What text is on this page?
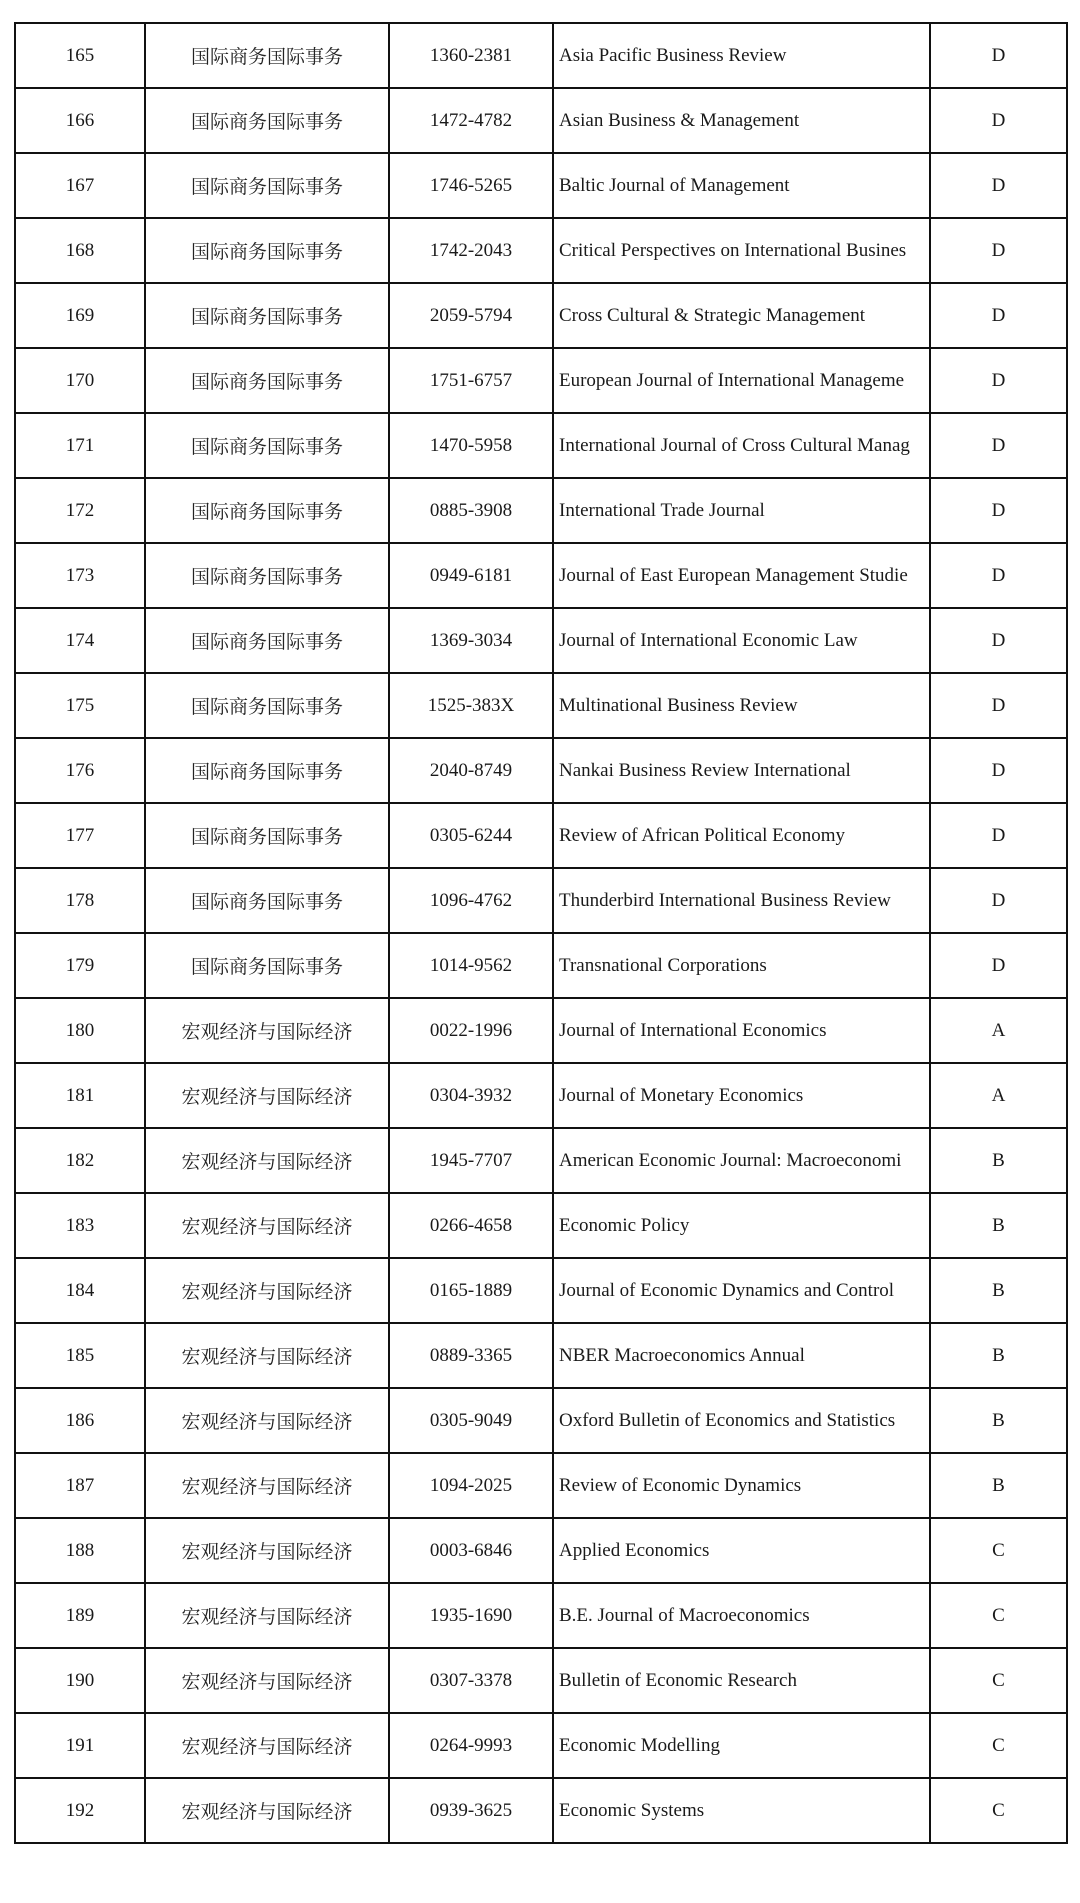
165	国际商务国际事务	1360-2381	Asia Pacific Business Review	D
166	国际商务国际事务	1472-4782	Asian Business & Management	D
167	国际商务国际事务	1746-5265	Baltic Journal of Management	D
168	国际商务国际事务	1742-2043	Critical Perspectives on International Busines	D
169	国际商务国际事务	2059-5794	Cross Cultural & Strategic Management	D
170	国际商务国际事务	1751-6757	European Journal of International Manageme	D
171	国际商务国际事务	1470-5958	International Journal of Cross Cultural Manag	D
172	国际商务国际事务	0885-3908	International Trade Journal	D
173	国际商务国际事务	0949-6181	Journal of East European Management Studie	D
174	国际商务国际事务	1369-3034	Journal of International Economic Law	D
175	国际商务国际事务	1525-383X	Multinational Business Review	D
176	国际商务国际事务	2040-8749	Nankai Business Review International	D
177	国际商务国际事务	0305-6244	Review of African Political Economy	D
178	国际商务国际事务	1096-4762	Thunderbird International Business Review	D
179	国际商务国际事务	1014-9562	Transnational Corporations	D
180	宏观经济与国际经济	0022-1996	Journal of International Economics	A
181	宏观经济与国际经济	0304-3932	Journal of Monetary Economics	A
182	宏观经济与国际经济	1945-7707	American Economic Journal: Macroeconomi	B
183	宏观经济与国际经济	0266-4658	Economic Policy	B
184	宏观经济与国际经济	0165-1889	Journal of Economic Dynamics and Control	B
185	宏观经济与国际经济	0889-3365	NBER Macroeconomics Annual	B
186	宏观经济与国际经济	0305-9049	Oxford Bulletin of Economics and Statistics	B
187	宏观经济与国际经济	1094-2025	Review of Economic Dynamics	B
188	宏观经济与国际经济	0003-6846	Applied Economics	C
189	宏观经济与国际经济	1935-1690	B.E. Journal of Macroeconomics	C
190	宏观经济与国际经济	0307-3378	Bulletin of Economic Research	C
191	宏观经济与国际经济	0264-9993	Economic Modelling	C
192	宏观经济与国际经济	0939-3625	Economic Systems	C
